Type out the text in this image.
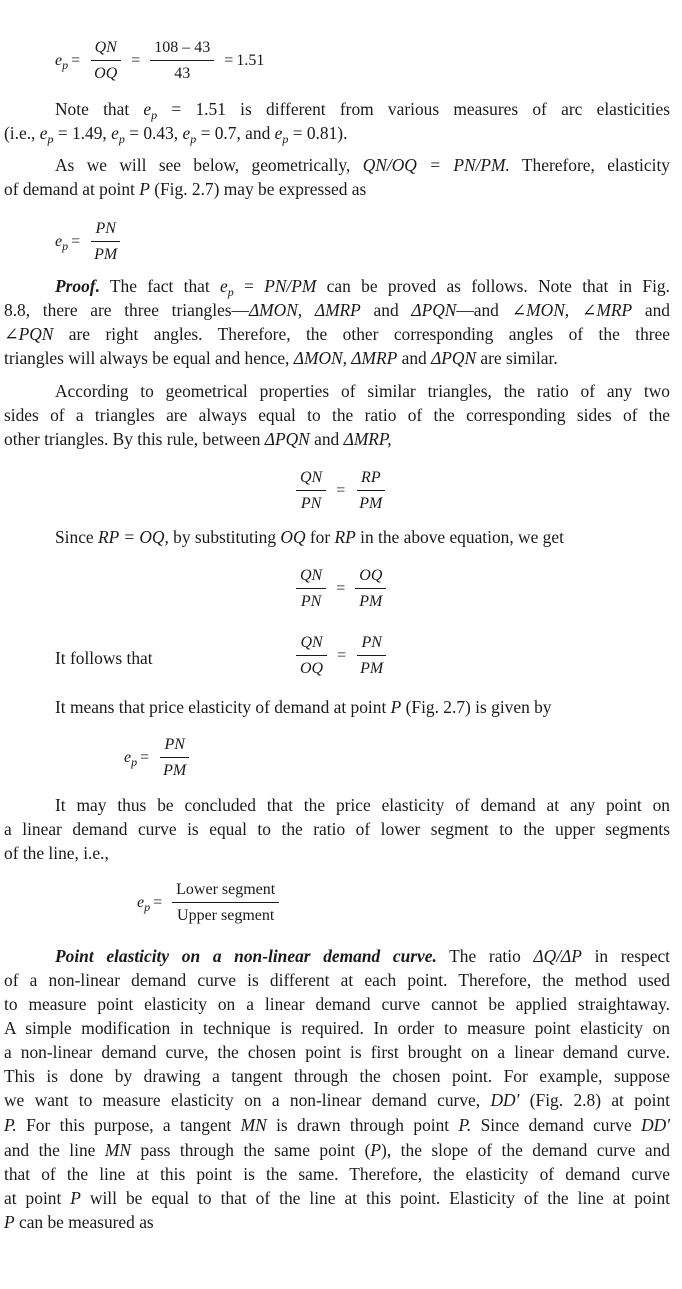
$e_p = \frac{QN}{OQ} = \frac{108 - 43}{43} = 1.51$
Note that $e_p = 1.51$ is different from various measures of arc elasticities
(i.e., $e_p = 1.49$, $e_p = 0.43$, $e_p = 0.7$, and $e_p = 0.81$).
As we will see below, geometrically, QN/OQ = PN/PM. Therefore, elasticity
of demand at point P (Fig. 2.7) may be expressed as
$e_p = \frac{PN}{PM}$
Proof. The fact that $e_p = PN/PM$ can be proved as follows. Note that in Fig.
8.8, there are three triangles—ΔMON, ΔMRP and ΔPQN—and ∠MON, ∠MRP and
∠PQN are right angles. Therefore, the other corresponding angles of the three
triangles will always be equal and hence, ΔMON, ΔMRP and ΔPQN are similar.
According to geometrical properties of similar triangles, the ratio of any two
sides of a triangles are always equal to the ratio of the corresponding sides of the
other triangles. By this rule, between ΔPQN and ΔMRP,
$\frac{QN}{PN} = \frac{RP}{PM}$
Since RP = OQ, by substituting OQ for RP in the above equation, we get
$\frac{QN}{PN} = \frac{OQ}{PM}$
It follows that	$\frac{QN}{OQ} = \frac{PN}{PM}$
It means that price elasticity of demand at point P (Fig. 2.7) is given by
$e_p = \frac{PN}{PM}$
It may thus be concluded that the price elasticity of demand at any point on
a linear demand curve is equal to the ratio of lower segment to the upper segments
of the line, i.e.,
$e_p = \frac{\text{Lower segment}}{\text{Upper segment}}$
Point elasticity on a non-linear demand curve. The ratio ΔQ/ΔP in respect
of a non-linear demand curve is different at each point. Therefore, the method used
to measure point elasticity on a linear demand curve cannot be applied straightaway.
A simple modification in technique is required. In order to measure point elasticity on
a non-linear demand curve, the chosen point is first brought on a linear demand curve.
This is done by drawing a tangent through the chosen point. For example, suppose
we want to measure elasticity on a non-linear demand curve, DD′ (Fig. 2.8) at point
P. For this purpose, a tangent MN is drawn through point P. Since demand curve DD′
and the line MN pass through the same point (P), the slope of the demand curve and
that of the line at this point is the same. Therefore, the elasticity of demand curve
at point P will be equal to that of the line at this point. Elasticity of the line at point
P can be measured as
